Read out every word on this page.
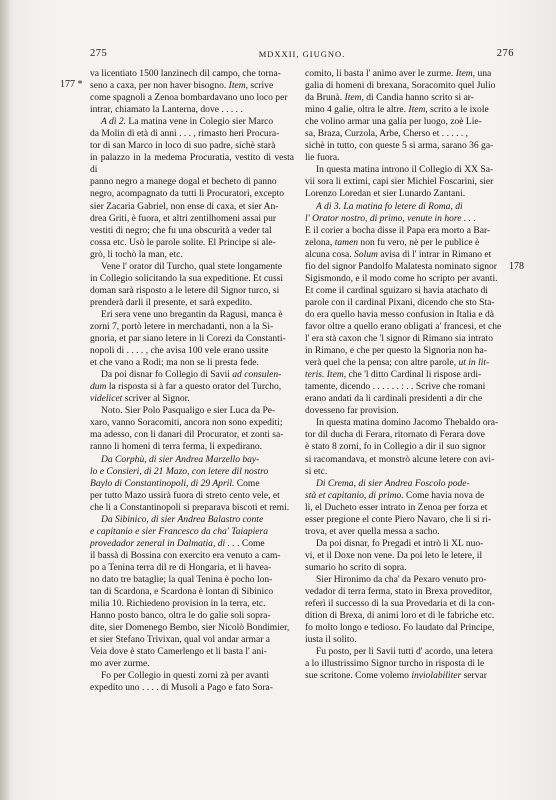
275	MDXXII, GIUGNO.	276
177 *
178

va licentiato 1500 lanzinech dil campo, che torna-
seno a caxa, per non haver bisogno. Item, scrive
come spagnoli a Zenoa bombardavano uno loco per
intrar, chiamato la Lanterna, dove . . . . .

A dì 2. La matina vene in Colegio sier Marco
da Molin di età di anni . . . , rimasto heri Procura-
tor di san Marco in loco di suo padre, sichè starà
in palazzo in la medema Procuratia, vestito di vesta di
panno negro a manege dogal et becheto di panno
negro, acompagnato da tutti li Procuratori, excepto
sier Zacaria Gabriel, non ense di caxa, et sier An-
drea Griti, è fuora, et altri zentilhomeni assai pur
vestiti di negro; che fu una obscurità a veder tal
cossa etc. Usò le parole solite. El Principe si ale-
grò, li tochò la man, etc.

Vene l' orator dil Turcho, qual stete longamente
in Collegio solicitando la sua expeditione. Et cussì
doman sarà risposto a le letere dil Signor turco, si
prenderà darli il presente, et sarà expedito.

Eri sera vene uno bregantin da Ragusi, manca è
zorni 7, portò letere in merchadanti, non a la Si-
gnoria, et par siano letere in li Corezi da Constanti-
nopoli di . . . . , che avisa 100 vele erano ussite
et che vano a Rodi; ma non se li presta fede.

Da poi disnar fo Collegio di Savii ad consulen-
dum la risposta si à far a questo orator del Turcho,
videlicet scriver al Signor.

Noto. Sier Polo Pasqualigo e sier Luca da Pe-
xaro, vanno Soracomiti, ancora non sono expediti;
ma adesso, con li danari dil Procurator, et zonti sa-
ranno li homeni di terra ferma, li expedirano.

Da Corphù, di sier Andrea Marzello bay-
lo e Consieri, di 21 Mazo, con letere dil nostro
Baylo di Constantinopoli, di 29 April. Come
per tutto Mazo ussirà fuora di streto cento vele, et
che li a Constantinopoli si preparava biscoti et remi.

Da Sibinico, di sier Andrea Balastro conte
e capitanio e sier Francesco da cha' Taiapiera
provedador zeneral in Dalmatia, di . . . Come
il bassà di Bossina con exercito era venuto a cam-
po a Tenina terra dil re di Hongaria, et li haveа-
no dato tre bataglie; la qual Tenina è pocho lon-
tan di Scardona, e Scardona è lontan di Sibinico
milia 10. Richiedeno provision in la terra, etc.
Hanno posto banco, oltra le do galie soli sopra-
dite, sier Domenego Bembo, sier Nicolò Bondimier,
et sier Stefano Trivixan, qual vol andar armar a
Veia dove è stato Camerlengo et li basta l' ani-
mo aver zurme.

Fo per Collegio in questi zorni zà per avanti
expedito uno . . . . di Musoli a Pago e fato Sora-

comito, li basta l' animo aver le zurme. Item, una
galia di homeni di brexana, Soracomito quel Julio
da Brunà. Item, di Candia hanno scrito si ar-
mino 4 galie, oltra le altre. Item, scrito a le ixole
che volino armar una galia per luogo, zoè Lie-
sa, Braza, Curzola, Arbe, Cherso et . . . . . ,
sichè in tutto, con queste 5 si arma, sarano 36 ga-
lie fuora.

In questa matina introno il Collegio di XX Sa-
vii sora li extimi, capi sier Michiel Foscarini, sier
Lorenzo Loredan et sier Lunardo Zantani.

A dì 3. La matina fo letere di Roma, di
l' Orator nostro, di primo, venute in hore . . .
E il corier a bocha disse il Papa era morto a Bar-
zelona, tamen non fu vero, nè per le publice è
alcuna cosa. Solum avisa di l' intrar in Rimano et
fio del signor Pandolfo Malatesta nominato signor
Sigismondo, e il modo come ho scripto per avanti.
Et come il cardinal sguizaro si havia atachato di
parole con il cardinal Pixani, dicendo che sto Sta-
do era quello havia messo confusion in Italia e dà
favor oltre a quello erano obligati a' francesi, et che
l' era stà caxon che 'l signor di Rimano sia intrato
in Rimano, e che per questo la Signoria non ha-
verà quel che la pensa; con altre parole, ut in lit-
teris. Item, che 'l ditto Cardinal li rispose ardi-
tamente, dicendo . . . . . . : . . Scrive che romani
erano andati da li cardinali presidenti a dir che
dovesseno far provision.

In questa matina domino Jacomo Thebaldo ora-
tor dil ducha di Ferara, ritornato di Ferara dove
è stato 8 zorni, fo in Collegio a dir il suo signor
si racomandava, et monstrò alcune letere con avi-
si etc.

Di Crema, di sier Andrea Foscolo pode-
stà et capitanio, di primo. Come havia nova de
lì, el Ducheto esser intrato in Zenoa per forza et
esser pregione el conte Piero Navaro, che li si ri-
trova, et aver quella messa a sacho.

Da poi disnar, fo Pregadi et intrò li XL nuo-
vi, et il Doxe non vene. Da poi leto le letere, il
sumario ho scrito di sopra.

Sier Hironimo da cha' da Pexaro venuto pro-
vedador di terra ferma, stato in Brexa proveditor,
referì il successo di la sua Provedaria et di la con-
dition di Brexa, di animi loro et di le fabriche etc.
fo molto longo e tedioso. Fo laudato dal Principe,
iusta il solito.

Fu posto, per li Savii tutti d' acordo, una letera
a lo illustrissimo Signor turcho in risposta di le
sue scritone. Come volemo inviolabiliter servar
